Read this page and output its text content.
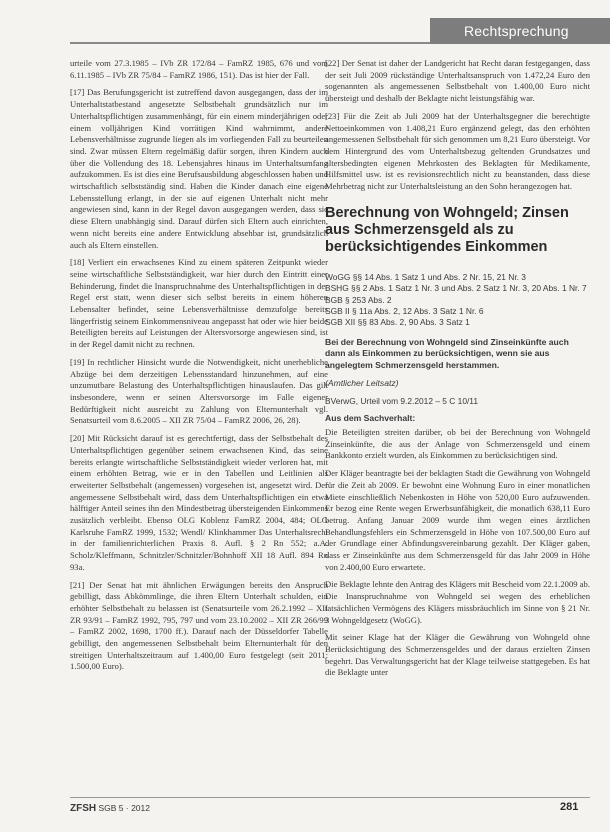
Rechtsprechung

urteile vom 27.3.1985 – IVb ZR 172/84 – FamRZ 1985, 676 und vom 6.11.1985 – IVb ZR 75/84 – FamRZ 1986, 151). Das ist hier der Fall.

[17] Das Berufungsgericht ist zutreffend davon ausgegangen, dass der im Unterhaltstatbestand angesetzte Selbstbehalt grundsätzlich nur im Unterhaltspflichtigen zusammenhängt, für ein einem minderjährigen oder einem volljährigen Kind vorrätigen Kind wahrnimmt, andere Lebensverhältnisse zugrunde liegen als im vorliegenden Fall zu beurteilen sind. Zwar müssen Eltern regelmäßig dafür sorgen, ihren Kindern auch über die Vollendung des 18. Lebensjahres hinaus im Unterhaltsumfang aufzukommen. Es ist dies eine Berufsausbildung abgeschlossen haben und wirtschaftlich selbstständig sind. Haben die Kinder danach eine eigene Lebensstellung erlangt, in der sie auf eigenen Unterhalt nicht mehr angewiesen sind, kann in der Regel davon ausgegangen werden, dass sie diese Eltern unabhängig sind. Darauf dürfen sich Eltern auch einrichten, wenn nicht bereits eine andere Entwicklung absehbar ist, grundsätzlich auch als Eltern einstellen.

[18] Verliert ein erwachsenes Kind zu einem späteren Zeitpunkt wieder seine wirtschaftliche Selbstständigkeit, war hier durch den Eintritt einer Behinderung, findet die Inanspruchnahme des Unterhaltspflichtigen in der Regel erst statt, wenn dieser sich selbst bereits in einem höheren Lebensalter befindet, seine Lebensverhältnisse demzufolge bereits längerfristig seinem Einkommensniveau angepasst hat oder wie hier beide Beteiligten bereits auf Leistungen der Altersvorsorge angewiesen sind, ist in der Regel damit nicht zu rechnen.

[19] In rechtlicher Hinsicht wurde die Notwendigkeit, nicht unerhebliche Abzüge bei dem derzeitigen Lebensstandard hinzunehmen, auf eine unzumutbare Belastung des Unterhaltspflichtigen hinauslaufen. Das gilt insbesondere, wenn er seinen Altersvorsorge im Falle eigener Bedürftigkeit nicht ausreicht zu Zahlung von Elternunterhalt vgl. Senatsurteil vom 8.6.2005 – XII ZR 75/04 – FamRZ 2006, 26, 28).

[20] Mit Rücksicht darauf ist es gerechtfertigt, dass der Selbstbehalt des Unterhaltspflichtigen gegenüber seinem erwachsenen Kind, das seine bereits erlangte wirtschaftliche Selbstständigkeit wieder verloren hat, mit einem erhöhten Betrag, wie er in den Tabellen und Leitlinien als erweiterter Selbstbehalt (angemessen) vorgesehen ist, angesetzt wird. Der angemessene Selbstbehalt wird, dass dem Unterhaltspflichtigen ein etwa hälftiger Anteil seines ihn den Mindestbetrag übersteigenden Einkommens zusätzlich verbleibt. Ebenso OLG Koblenz FamRZ 2004, 484; OLG Karlsruhe FamRZ 1999, 1532; Wendl/ Klinkhammer Das Unterhaltsrecht in der familienrichterlichen Praxis 8. Aufl. § 2 Rn 552; a.A. Scholz/Kleffmann, Schnitzler/Schnitzler/Bohnhoff XII 18 Aufl. 894 Rn 93a.

[21] Der Senat hat mit ähnlichen Erwägungen bereits den Anspruch gebilligt, dass Abkömmlinge, die ihren Eltern Unterhalt schulden, ein erhöhter Selbstbehalt zu belassen ist (Senatsurteile vom 26.2.1992 – XII ZR 93/91 – FamRZ 1992, 795, 797 und vom 23.10.2002 – XII ZR 266/99 – FamRZ 2002, 1698, 1700 ff.). Darauf nach der Düsseldorfer Tabelle gebilligt, den angemessenen Selbstbehalt beim Elternunterhalt für den streitigen Unterhaltszeitraum auf 1.400,00 Euro festgelegt (seit 2011: 1.500,00 Euro).

[22] Der Senat ist daher der Landgericht hat Recht daran festgegangen, dass der seit Juli 2009 rückständige Unterhaltsanspruch von 1.472,24 Euro den sogenannten als angemessenen Selbstbehalt von 1.400,00 Euro nicht übersteigt und deshalb der Beklagte nicht leistungsfähig war.

[23] Für die Zeit ab Juli 2009 hat der Unterhaltsgegner die berechtigte Nettoeinkommen von 1.408,21 Euro ergänzend gelegt, das den erhöhten angemessenen Selbstbehalt für sich genommen um 8,21 Euro übersteigt. Vor dem Hintergrund des vom Unterhaltsbezug geltenden Grundsatzes und altersbedingten eigenen Mehrkosten des Beklagten für Medikamente, Hilfsmittel usw. ist es revisionsrechtlich nicht zu beanstanden, dass diese Mehrbetrag nicht zur Unterhaltsleistung an den Sohn herangezogen hat.

Berechnung von Wohngeld; Zinsen aus Schmerzensgeld als zu berücksichtigendes Einkommen
WoGG §§ 14 Abs. 1 Satz 1 und Abs. 2 Nr. 15, 21 Nr. 3
BSHG §§ 2 Abs. 1 Satz 1 Nr. 3 und Abs. 2 Satz 1 Nr. 3, 20 Abs. 1 Nr. 7
BGB § 253 Abs. 2
SGB II § 11a Abs. 2, 12 Abs. 3 Satz 1 Nr. 6
SGB XII §§ 83 Abs. 2, 90 Abs. 3 Satz 1
Bei der Berechnung von Wohngeld sind Zinseinkünfte auch dann als Einkommen zu berücksichtigen, wenn sie aus angelegtem Schmerzensgeld herstammen.
(Amtlicher Leitsatz)
BVerwG, Urteil vom 9.2.2012 – 5 C 10/11
Aus dem Sachverhalt:

Die Beteiligten streiten darüber, ob bei der Berechnung von Wohngeld Zinseinkünfte, die aus der Anlage von Schmerzensgeld und einem Bankkonto erzielt wurden, als Einkommen zu berücksichtigen sind.

Der Kläger beantragte bei der beklagten Stadt die Gewährung von Wohngeld für die Zeit ab 2009. Er bewohnt eine Wohnung Euro in einer monatlichen Miete einschließlich Nebenkosten in Höhe von 520,00 Euro aufzuwenden. Er bezog eine Rente wegen Erwerbsunfähigkeit, die monatlich 638,11 Euro betrug. Anfang Januar 2009 wurde ihm wegen eines ärztlichen Behandlungsfehlers ein Schmerzensgeld in Höhe von 107.500,00 Euro auf der Grundlage einer Abfindungsvereinbarung gezahlt. Der Kläger gaben, dass er Zinseinkünfte aus dem Schmerzensgeld für das Jahr 2009 in Höhe von 2.400,00 Euro erwartete.

Die Beklagte lehnte den Antrag des Klägers mit Bescheid vom 22.1.2009 ab. Die Inanspruchnahme von Wohngeld sei wegen des erheblichen tatsächlichen Vermögens des Klägers missbräuchlich im Sinne von § 21 Nr. 3 Wohngeldgesetz (WoGG).

Mit seiner Klage hat der Kläger die Gewährung von Wohngeld ohne Berücksichtigung des Schmerzensgeldes und der daraus erzielten Zinsen begehrt. Das Verwaltungsgericht hat der Klage teilweise stattgegeben. Es hat die Beklagte unter

ZFSH SGB 5 · 2012	281
